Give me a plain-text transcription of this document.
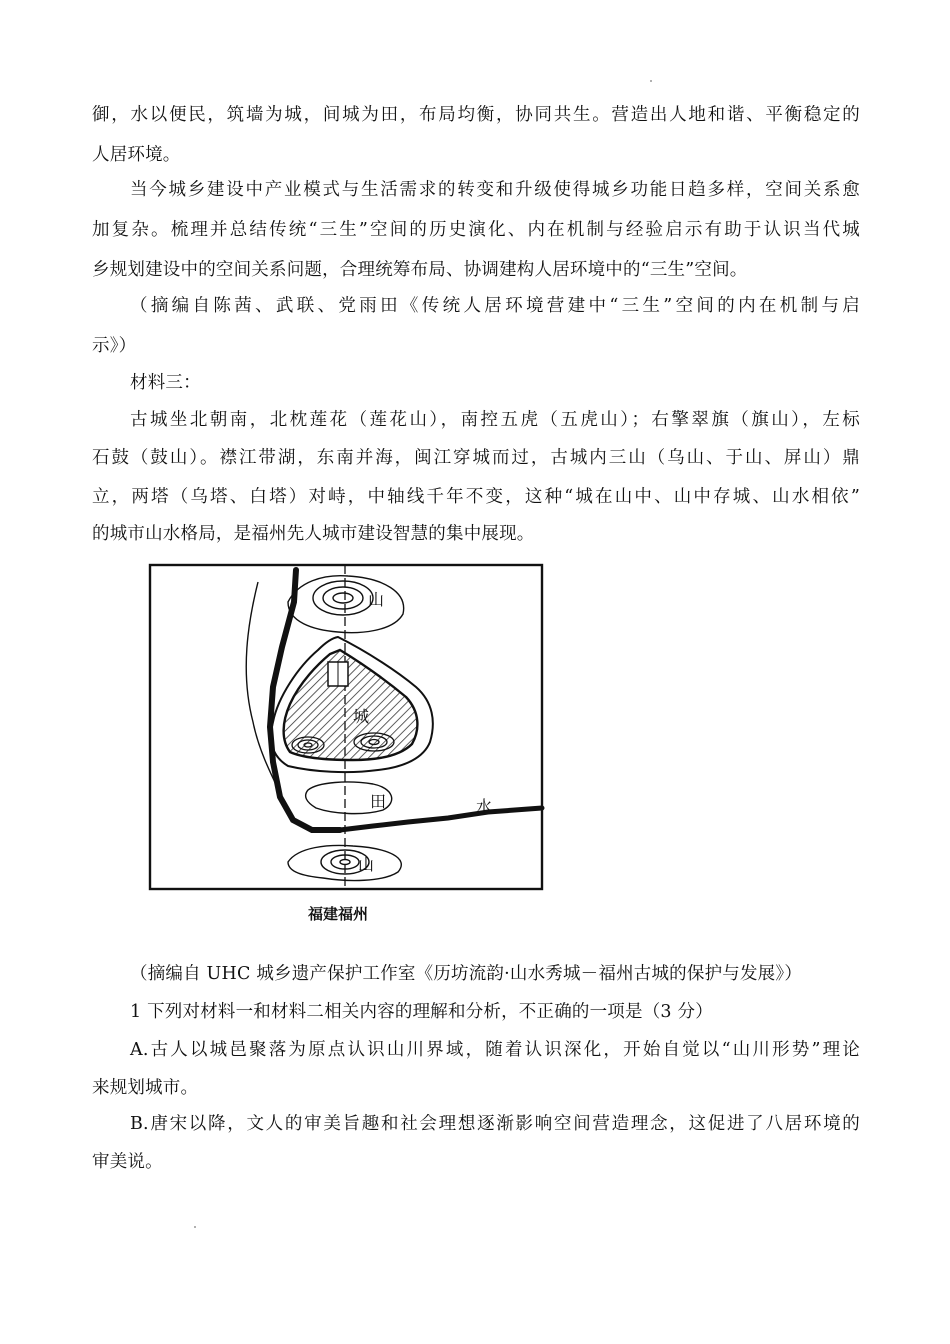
御，水以便民，筑墙为城，间城为田，布局均衡，协同共生。营造出人地和谐、平衡稳定的
人居环境。
当今城乡建设中产业模式与生活需求的转变和升级使得城乡功能日趋多样，空间关系愈
加复杂。梳理并总结传统“三生”空间的历史演化、内在机制与经验启示有助于认识当代城
乡规划建设中的空间关系问题，合理统筹布局、协调建构人居环境中的“三生”空间。
（摘编自陈茜、武联、党雨田《传统人居环境营建中“三生”空间的内在机制与启
示》）
材料三：
古城坐北朝南，北枕莲花（莲花山），南控五虎（五虎山）；右擎翠旗（旗山），左标
石鼓（鼓山）。襟江带湖，东南并海，闽江穿城而过，古城内三山（乌山、于山、屏山）鼎
立，两塔（乌塔、白塔）对峙，中轴线千年不变，这种“城在山中、山中存城、山水相依”
的城市山水格局，是福州先人城市建设智慧的集中展现。
山
城
田	水
山
福建福州
（摘编自 UHC 城乡遗产保护工作室《历坊流韵·山水秀城－福州古城的保护与发展》）
1 下列对材料一和材料二相关内容的理解和分析，不正确的一项是（3 分）
A.古人以城邑聚落为原点认识山川界域，随着认识深化，开始自觉以“山川形势”理论
来规划城市。
B.唐宋以降，文人的审美旨趣和社会理想逐渐影响空间营造理念，这促进了八居环境的
审美说。
